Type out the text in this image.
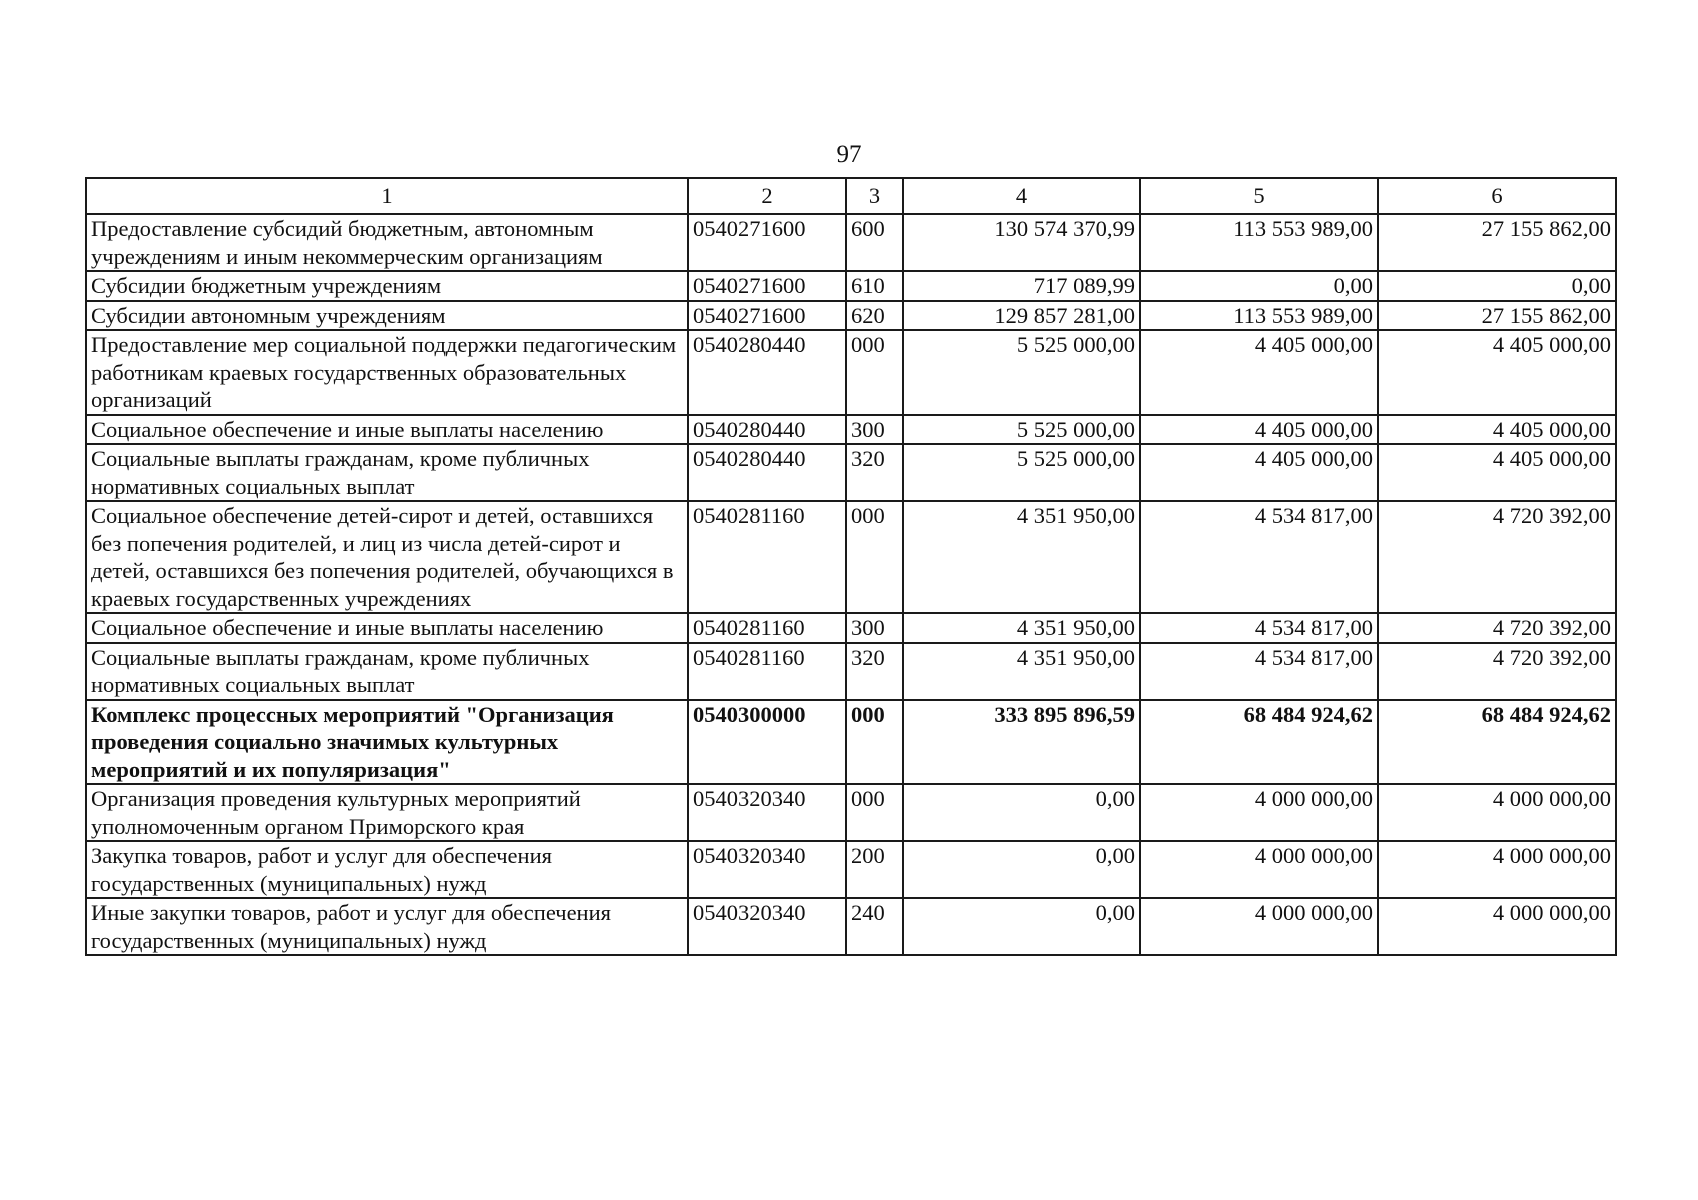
97
1	2	3	4	5	6
Предоставление субсидий бюджетным, автономным учреждениям и иным некоммерческим организациям	0540271600	600	130 574 370,99	113 553 989,00	27 155 862,00
Субсидии бюджетным учреждениям	0540271600	610	717 089,99	0,00	0,00
Субсидии автономным учреждениям	0540271600	620	129 857 281,00	113 553 989,00	27 155 862,00
Предоставление мер социальной поддержки педагогическим работникам краевых государственных образовательных организаций	0540280440	000	5 525 000,00	4 405 000,00	4 405 000,00
Социальное обеспечение и иные выплаты населению	0540280440	300	5 525 000,00	4 405 000,00	4 405 000,00
Социальные выплаты гражданам, кроме публичных нормативных социальных выплат	0540280440	320	5 525 000,00	4 405 000,00	4 405 000,00
Социальное обеспечение детей-сирот и детей, оставшихся без попечения родителей, и лиц из числа детей-сирот и детей, оставшихся без попечения родителей, обучающихся в краевых государственных учреждениях	0540281160	000	4 351 950,00	4 534 817,00	4 720 392,00
Социальное обеспечение и иные выплаты населению	0540281160	300	4 351 950,00	4 534 817,00	4 720 392,00
Социальные выплаты гражданам, кроме публичных нормативных социальных выплат	0540281160	320	4 351 950,00	4 534 817,00	4 720 392,00
Комплекс процессных мероприятий "Организация проведения социально значимых культурных мероприятий и их популяризация"	0540300000	000	333 895 896,59	68 484 924,62	68 484 924,62
Организация проведения культурных мероприятий уполномоченным органом Приморского края	0540320340	000	0,00	4 000 000,00	4 000 000,00
Закупка товаров, работ и услуг для обеспечения государственных (муниципальных) нужд	0540320340	200	0,00	4 000 000,00	4 000 000,00
Иные закупки товаров, работ и услуг для обеспечения государственных (муниципальных) нужд	0540320340	240	0,00	4 000 000,00	4 000 000,00
